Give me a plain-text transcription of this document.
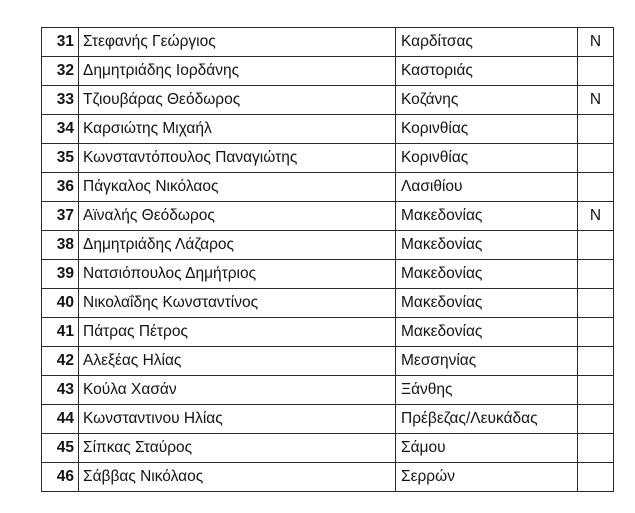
31	Στεφανής Γεώργιος	Καρδίτσας	Ν
32	Δημητριάδης Ιορδάνης	Καστοριάς	
33	Τζιουβάρας Θεόδωρος	Κοζάνης	Ν
34	Καρσιώτης Μιχαήλ	Κορινθίας	
35	Κωνσταντόπουλος Παναγιώτης	Κορινθίας	
36	Πάγκαλος Νικόλαος	Λασιθίου	
37	Αϊναλής Θεόδωρος	Μακεδονίας	Ν
38	Δημητριάδης Λάζαρος	Μακεδονίας	
39	Νατσιόπουλος Δημήτριος	Μακεδονίας	
40	Νικολαΐδης Κωνσταντίνος	Μακεδονίας	
41	Πάτρας Πέτρος	Μακεδονίας	
42	Αλεξέας Ηλίας	Μεσσηνίας	
43	Κούλα Χασάν	Ξάνθης	
44	Κωνσταντινου Ηλίας	Πρέβεζας/Λευκάδας	
45	Σίπκας Σταύρος	Σάμου	
46	Σάββας Νικόλαος	Σερρών	
